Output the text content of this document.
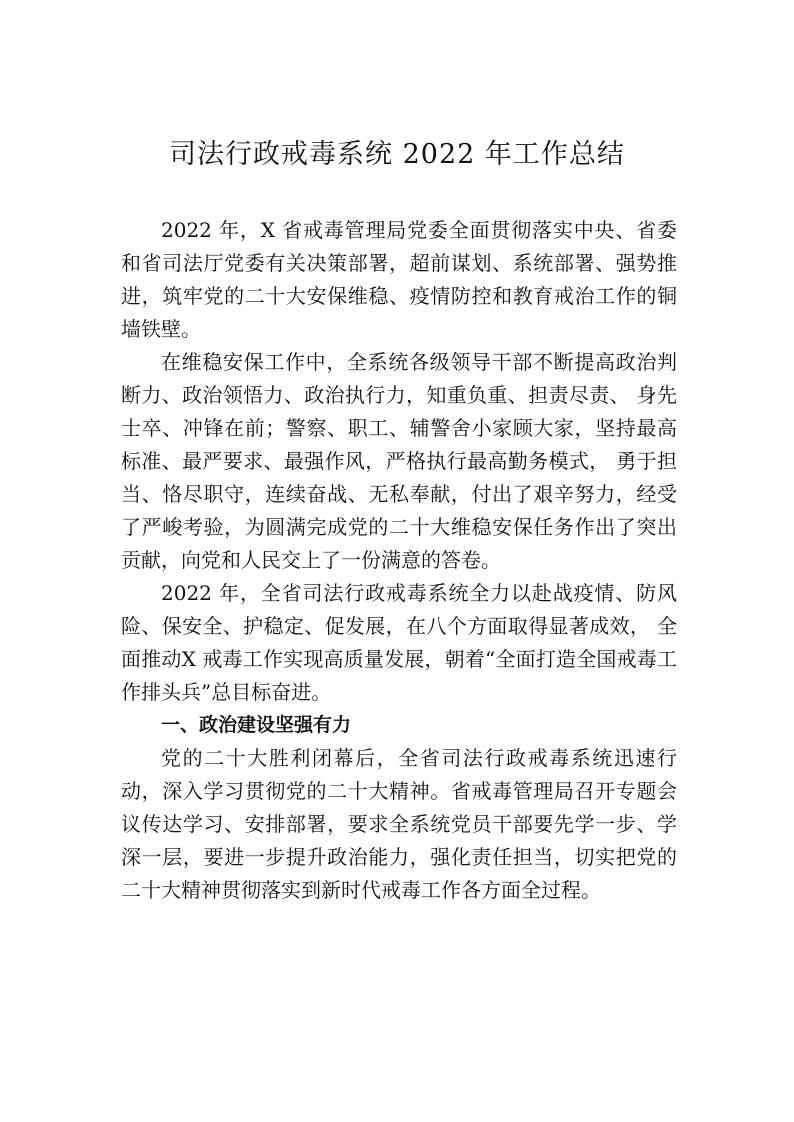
司法行政戒毒系统 2022 年工作总结

2022 年，X 省戒毒管理局党委全面贯彻落实中央、省委和省司法厅党委有关决策部署，超前谋划、系统部署、强势推进，筑牢党的二十大安保维稳、疫情防控和教育戒治工作的铜墙铁壁。

在维稳安保工作中，全系统各级领导干部不断提高政治判断力、政治领悟力、政治执行力，知重负重、担责尽责、 身先士卒、冲锋在前；警察、职工、辅警舍小家顾大家，坚持最高标准、最严要求、最强作风，严格执行最高勤务模式， 勇于担当、恪尽职守，连续奋战、无私奉献，付出了艰辛努力，经受了严峻考验，为圆满完成党的二十大维稳安保任务作出了突出贡献，向党和人民交上了一份满意的答卷。

2022 年，全省司法行政戒毒系统全力以赴战疫情、防风险、保安全、护稳定、促发展，在八个方面取得显著成效， 全面推动X 戒毒工作实现高质量发展，朝着“全面打造全国戒毒工作排头兵”总目标奋进。

一、政治建设坚强有力

党的二十大胜利闭幕后，全省司法行政戒毒系统迅速行动，深入学习贯彻党的二十大精神。省戒毒管理局召开专题会议传达学习、安排部署，要求全系统党员干部要先学一步、学深一层，要进一步提升政治能力，强化责任担当，切实把党的二十大精神贯彻落实到新时代戒毒工作各方面全过程。
